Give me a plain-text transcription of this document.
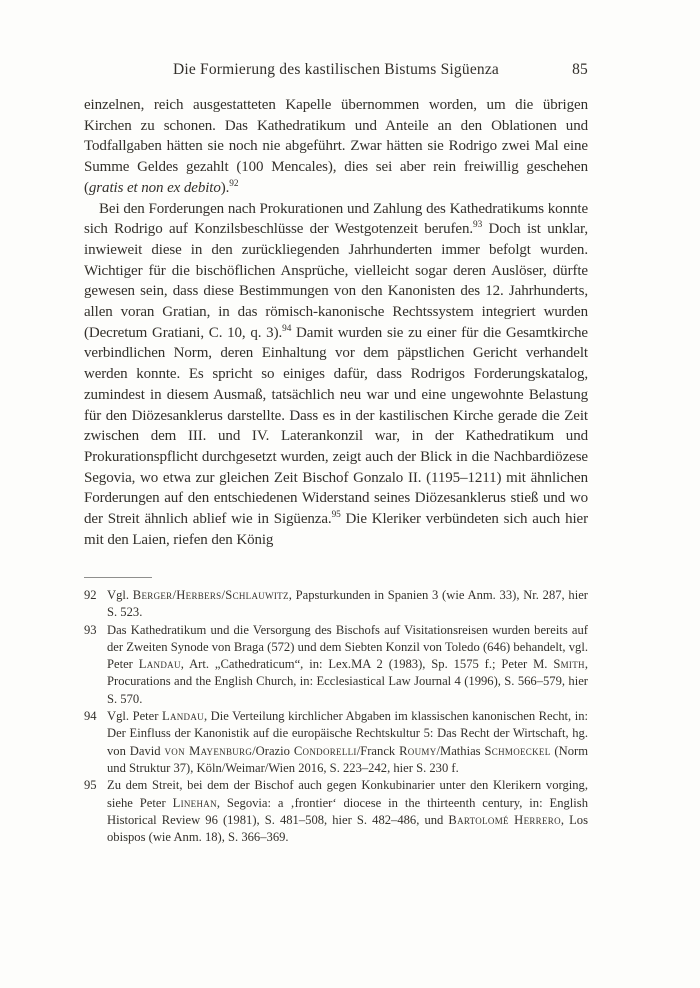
Die Formierung des kastilischen Bistums Sigüenza	85

einzelnen, reich ausgestatteten Kapelle übernommen worden, um die übrigen Kirchen zu schonen. Das Kathedratikum und Anteile an den Oblationen und Todfallgaben hätten sie noch nie abgeführt. Zwar hätten sie Rodrigo zwei Mal eine Summe Geldes gezahlt (100 Mencales), dies sei aber rein freiwillig geschehen (gratis et non ex debito).$^{92}$

Bei den Forderungen nach Prokurationen und Zahlung des Kathedratikums konnte sich Rodrigo auf Konzilsbeschlüsse der Westgotenzeit berufen.$^{93}$ Doch ist unklar, inwieweit diese in den zurückliegenden Jahrhunderten immer befolgt wurden. Wichtiger für die bischöflichen Ansprüche, vielleicht sogar deren Auslöser, dürfte gewesen sein, dass diese Bestimmungen von den Kanonisten des 12. Jahrhunderts, allen voran Gratian, in das römisch-kanonische Rechtssystem integriert wurden (Decretum Gratiani, C. 10, q. 3).$^{94}$ Damit wurden sie zu einer für die Gesamtkirche verbindlichen Norm, deren Einhaltung vor dem päpstlichen Gericht verhandelt werden konnte. Es spricht so einiges dafür, dass Rodrigos Forderungskatalog, zumindest in diesem Ausmaß, tatsächlich neu war und eine ungewohnte Belastung für den Diözesanklerus darstellte. Dass es in der kastilischen Kirche gerade die Zeit zwischen dem III. und IV. Laterankonzil war, in der Kathedratikum und Prokurationspflicht durchgesetzt wurden, zeigt auch der Blick in die Nachbardiözese Segovia, wo etwa zur gleichen Zeit Bischof Gonzalo II. (1195–1211) mit ähnlichen Forderungen auf den entschiedenen Widerstand seines Diözesanklerus stieß und wo der Streit ähnlich ablief wie in Sigüenza.$^{95}$ Die Kleriker verbündeten sich auch hier mit den Laien, riefen den König

92 Vgl. Berger/Herbers/Schlauwitz, Papsturkunden in Spanien 3 (wie Anm. 33), Nr. 287, hier S. 523.
93 Das Kathedratikum und die Versorgung des Bischofs auf Visitationsreisen wurden bereits auf der Zweiten Synode von Braga (572) und dem Siebten Konzil von Toledo (646) behandelt, vgl. Peter Landau, Art. „Cathedraticum“, in: Lex.MA 2 (1983), Sp. 1575 f.; Peter M. Smith, Procurations and the English Church, in: Ecclesiastical Law Journal 4 (1996), S. 566–579, hier S. 570.
94 Vgl. Peter Landau, Die Verteilung kirchlicher Abgaben im klassischen kanonischen Recht, in: Der Einfluss der Kanonistik auf die europäische Rechtskultur 5: Das Recht der Wirtschaft, hg. von David von Mayenburg/Orazio Condorelli/Franck Roumy/Mathias Schmoeckel (Norm und Struktur 37), Köln/Weimar/Wien 2016, S. 223–242, hier S. 230 f.
95 Zu dem Streit, bei dem der Bischof auch gegen Konkubinarier unter den Klerikern vorging, siehe Peter Linehan, Segovia: a ‚frontier‘ diocese in the thirteenth century, in: English Historical Review 96 (1981), S. 481–508, hier S. 482–486, und Bartolomé Herrero, Los obispos (wie Anm. 18), S. 366–369.
